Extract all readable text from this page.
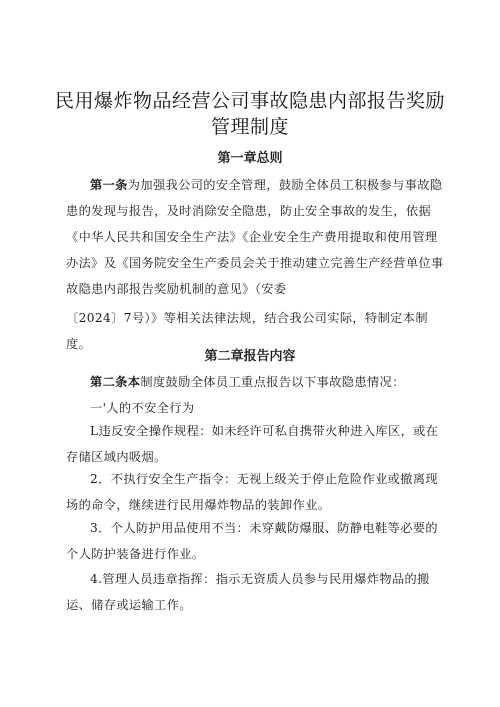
民用爆炸物品经营公司事故隐患内部报告奖励
管理制度
第一章总则
第一条为加强我公司的安全管理，鼓励全体员工积极参与事故隐
患的发现与报告，及时消除安全隐患，防止安全事故的发生，依据
《中华人民共和国安全生产法》《企业安全生产费用提取和使用管理
办法》及《国务院安全生产委员会关于推动建立完善生产经营单位事
故隐患内部报告奖励机制的意见》（安委
〔2024〕7号）》等相关法律法规，结合我公司实际，特制定本制
度。
第二章报告内容
第二条本制度鼓励全体员工重点报告以下事故隐患情况：
一'人的不安全行为
L违反安全操作规程：如未经许可私自携带火种进入库区，或在
存储区域内吸烟。
2．不执行安全生产指令：无视上级关于停止危险作业或撤离现
场的命令，继续进行民用爆炸物品的装卸作业。
3．个人防护用品使用不当：未穿戴防爆服、防静电鞋等必要的
个人防护装备进行作业。
4.管理人员违章指挥：指示无资质人员参与民用爆炸物品的搬
运、储存或运输工作。
